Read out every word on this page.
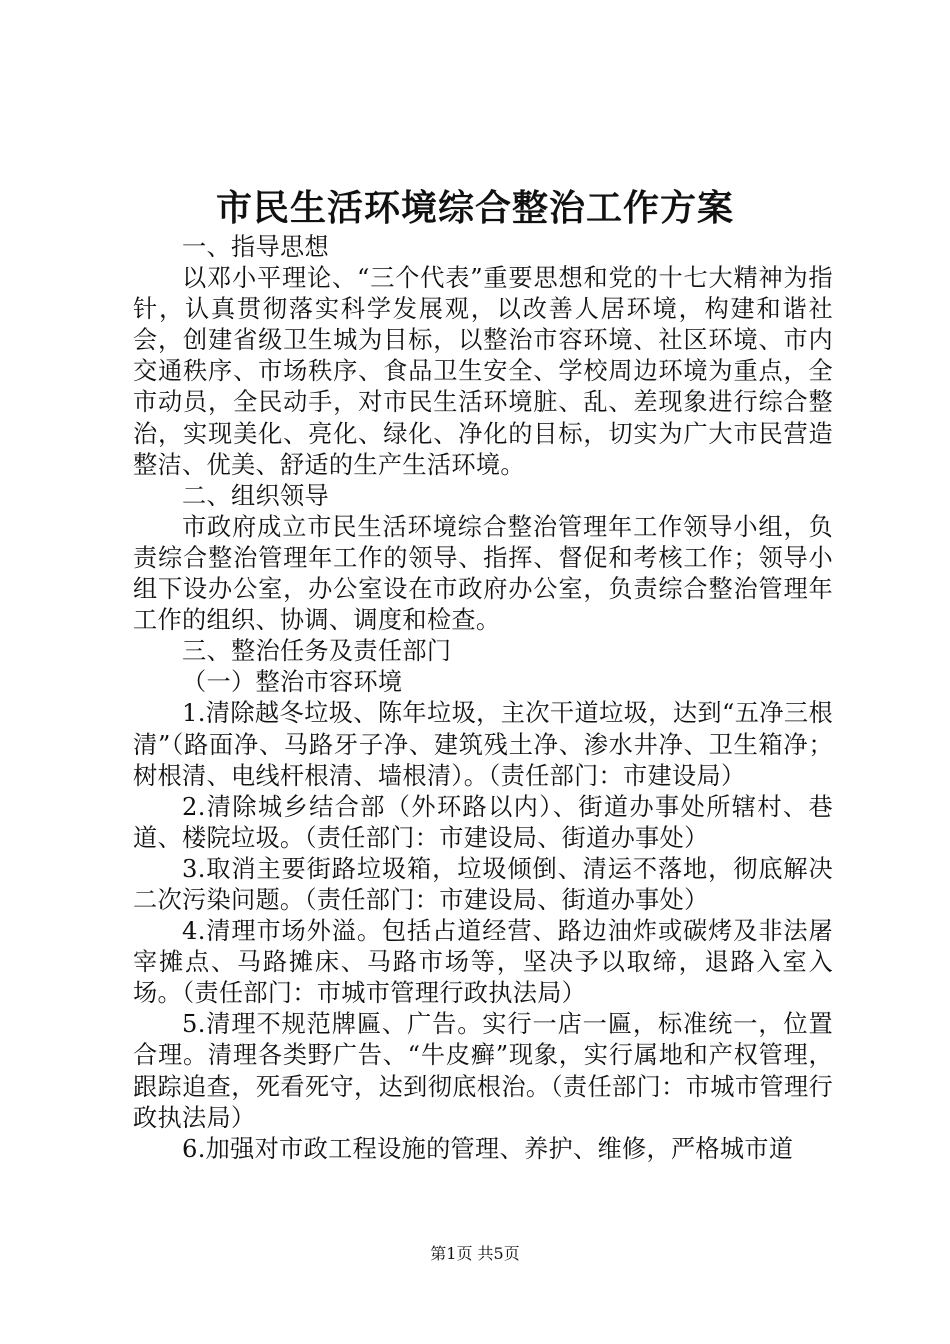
市民生活环境综合整治工作方案

一、指导思想

以邓小平理论、“三个代表”重要思想和党的十七大精神为指针，认真贯彻落实科学发展观，以改善人居环境，构建和谐社会，创建省级卫生城为目标，以整治市容环境、社区环境、市内交通秩序、市场秩序、食品卫生安全、学校周边环境为重点，全市动员，全民动手，对市民生活环境脏、乱、差现象进行综合整治，实现美化、亮化、绿化、净化的目标，切实为广大市民营造整洁、优美、舒适的生产生活环境。

二、组织领导

市政府成立市民生活环境综合整治管理年工作领导小组，负责综合整治管理年工作的领导、指挥、督促和考核工作；领导小组下设办公室，办公室设在市政府办公室，负责综合整治管理年工作的组织、协调、调度和检查。

三、整治任务及责任部门

（一）整治市容环境

1.清除越冬垃圾、陈年垃圾，主次干道垃圾，达到“五净三根清”（路面净、马路牙子净、建筑残土净、渗水井净、卫生箱净；树根清、电线杆根清、墙根清）。（责任部门：市建设局）

2.清除城乡结合部（外环路以内）、街道办事处所辖村、巷道、楼院垃圾。（责任部门：市建设局、街道办事处）

3.取消主要街路垃圾箱，垃圾倾倒、清运不落地，彻底解决二次污染问题。（责任部门：市建设局、街道办事处）

4.清理市场外溢。包括占道经营、路边油炸或碳烤及非法屠宰摊点、马路摊床、马路市场等，坚决予以取缔，退路入室入场。（责任部门：市城市管理行政执法局）

5.清理不规范牌匾、广告。实行一店一匾，标准统一，位置合理。清理各类野广告、“牛皮癣”现象，实行属地和产权管理，跟踪追查，死看死守，达到彻底根治。（责任部门：市城市管理行政执法局）

6.加强对市政工程设施的管理、养护、维修，严格城市道

第1页 共5页
